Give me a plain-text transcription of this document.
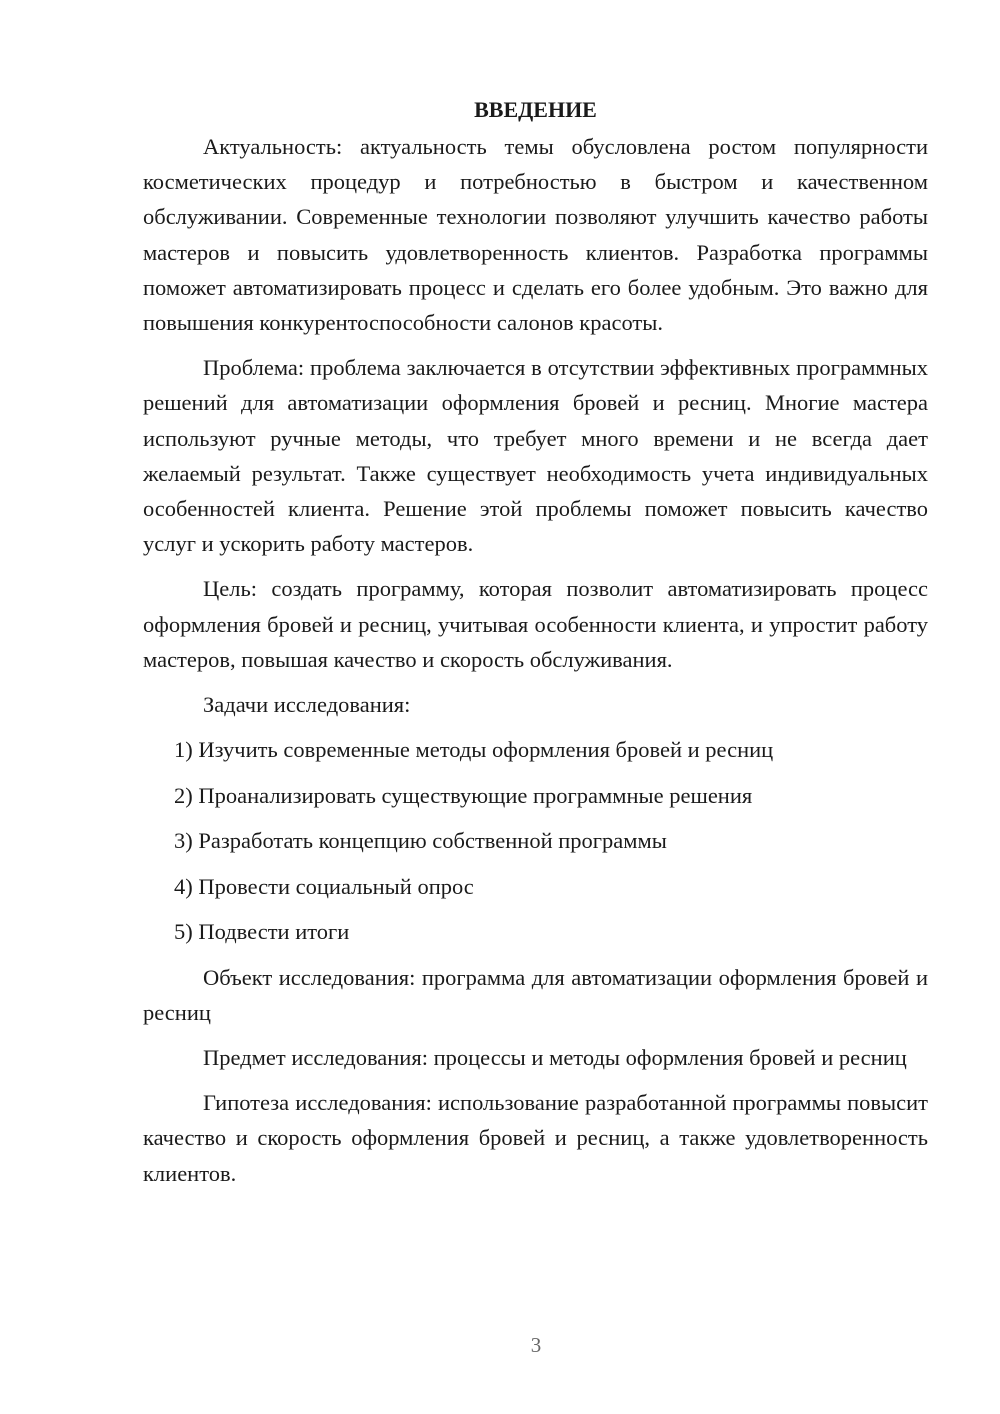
ВВЕДЕНИЕ

Актуальность: актуальность темы обусловлена ростом популярности косметических процедур и потребностью в быстром и качественном обслуживании. Современные технологии позволяют улучшить качество работы мастеров и повысить удовлетворенность клиентов. Разработка программы поможет автоматизировать процесс и сделать его более удобным. Это важно для повышения конкурентоспособности салонов красоты.

Проблема: проблема заключается в отсутствии эффективных программных решений для автоматизации оформления бровей и ресниц. Многие мастера используют ручные методы, что требует много времени и не всегда дает желаемый результат. Также существует необходимость учета индивидуальных особенностей клиента. Решение этой проблемы поможет повысить качество услуг и ускорить работу мастеров.

Цель: создать программу, которая позволит автоматизировать процесс оформления бровей и ресниц, учитывая особенности клиента, и упростит работу мастеров, повышая качество и скорость обслуживания.

Задачи исследования:
1) Изучить современные методы оформления бровей и ресниц
2) Проанализировать существующие программные решения
3) Разработать концепцию собственной программы
4) Провести социальный опрос
5) Подвести итоги

Объект исследования: программа для автоматизации оформления бровей и ресниц

Предмет исследования: процессы и методы оформления бровей и ресниц

Гипотеза исследования: использование разработанной программы повысит качество и скорость оформления бровей и ресниц, а также удовлетворенность клиентов.

3
